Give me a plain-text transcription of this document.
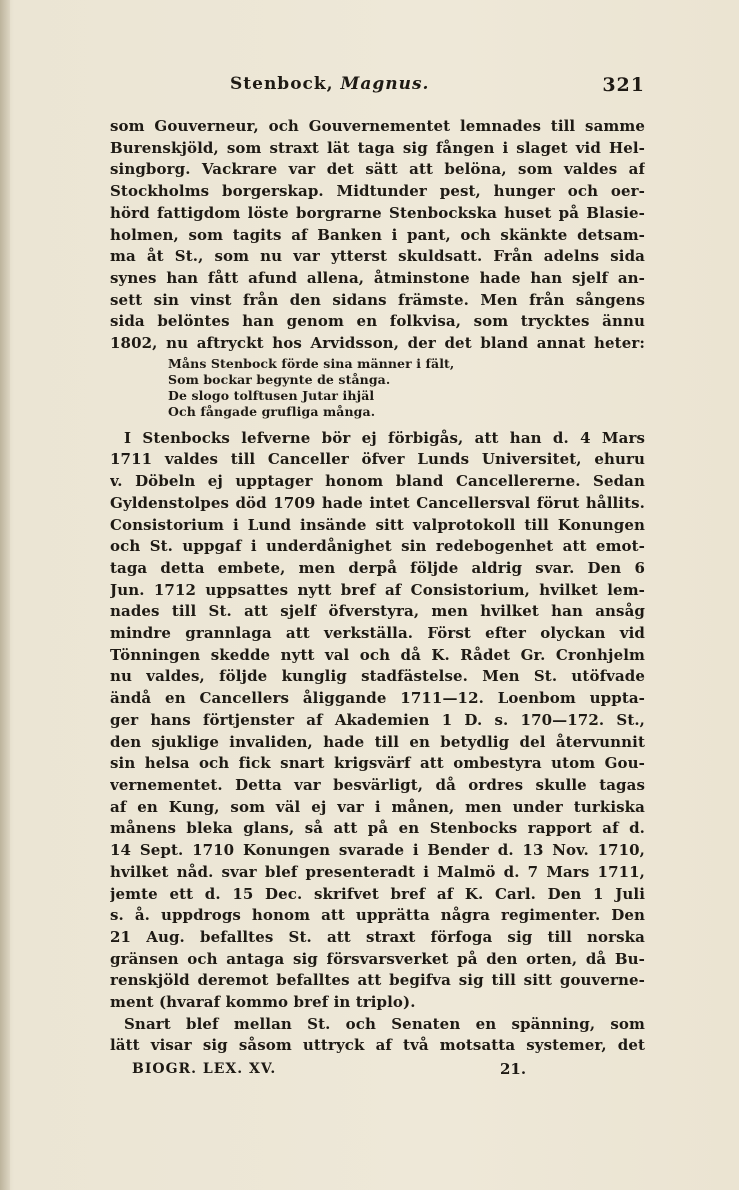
Stenbock, Magnus.	321
som Gouverneur, och Gouvernementet lemnades till samme
Burenskjöld, som straxt lät taga sig fången i slaget vid Hel-
singborg. Vackrare var det sätt att belöna, som valdes af
Stockholms borgerskap. Midtunder pest, hunger och oer-
hörd fattigdom löste borgrarne Stenbockska huset på Blasie-
holmen, som tagits af Banken i pant, och skänkte detsam-
ma åt St., som nu var ytterst skuldsatt. Från adelns sida
synes han fått afund allena, åtminstone hade han sjelf an-
sett sin vinst från den sidans främste. Men från sångens
sida belöntes han genom en folkvisa, som trycktes ännu
1802, nu aftryckt hos Arvidsson, der det bland annat heter:
Måns Stenbock förde sina männer i fält,
Som bockar begynte de stånga.
De slogo tolftusen Jutar ihjäl
Och fångade grufliga många.
I Stenbocks lefverne bör ej förbigås, att han d. 4 Mars
1711 valdes till Canceller öfver Lunds Universitet, ehuru
v. Döbeln ej upptager honom bland Cancellererne. Sedan
Gyldenstolpes död 1709 hade intet Cancellersval förut hållits.
Consistorium i Lund insände sitt valprotokoll till Konungen
och St. uppgaf i underdånighet sin redebogenhet att emot-
taga detta embete, men derpå följde aldrig svar. Den 6
Jun. 1712 uppsattes nytt bref af Consistorium, hvilket lem-
nades till St. att sjelf öfverstyra, men hvilket han ansåg
mindre grannlaga att verkställa. Först efter olyckan vid
Tönningen skedde nytt val och då K. Rådet Gr. Cronhjelm
nu valdes, följde kunglig stadfästelse. Men St. utöfvade
ändå en Cancellers åliggande 1711—12. Loenbom uppta-
ger hans förtjenster af Akademien 1 D. s. 170—172. St.,
den sjuklige invaliden, hade till en betydlig del återvunnit
sin helsa och fick snart krigsvärf att ombestyra utom Gou-
vernementet. Detta var besvärligt, då ordres skulle tagas
af en Kung, som väl ej var i månen, men under turkiska
månens bleka glans, så att på en Stenbocks rapport af d.
14 Sept. 1710 Konungen svarade i Bender d. 13 Nov. 1710,
hvilket nåd. svar blef presenteradt i Malmö d. 7 Mars 1711,
jemte ett d. 15 Dec. skrifvet bref af K. Carl. Den 1 Juli
s. å. uppdrogs honom att upprätta några regimenter. Den
21 Aug. befalltes St. att straxt förfoga sig till norska
gränsen och antaga sig försvarsverket på den orten, då Bu-
renskjöld deremot befalltes att begifva sig till sitt gouverne-
ment (hvaraf kommo bref in triplo).
Snart blef mellan St. och Senaten en spänning, som
lätt visar sig såsom uttryck af två motsatta systemer, det
BIOGR. LEX. XV.	21.
